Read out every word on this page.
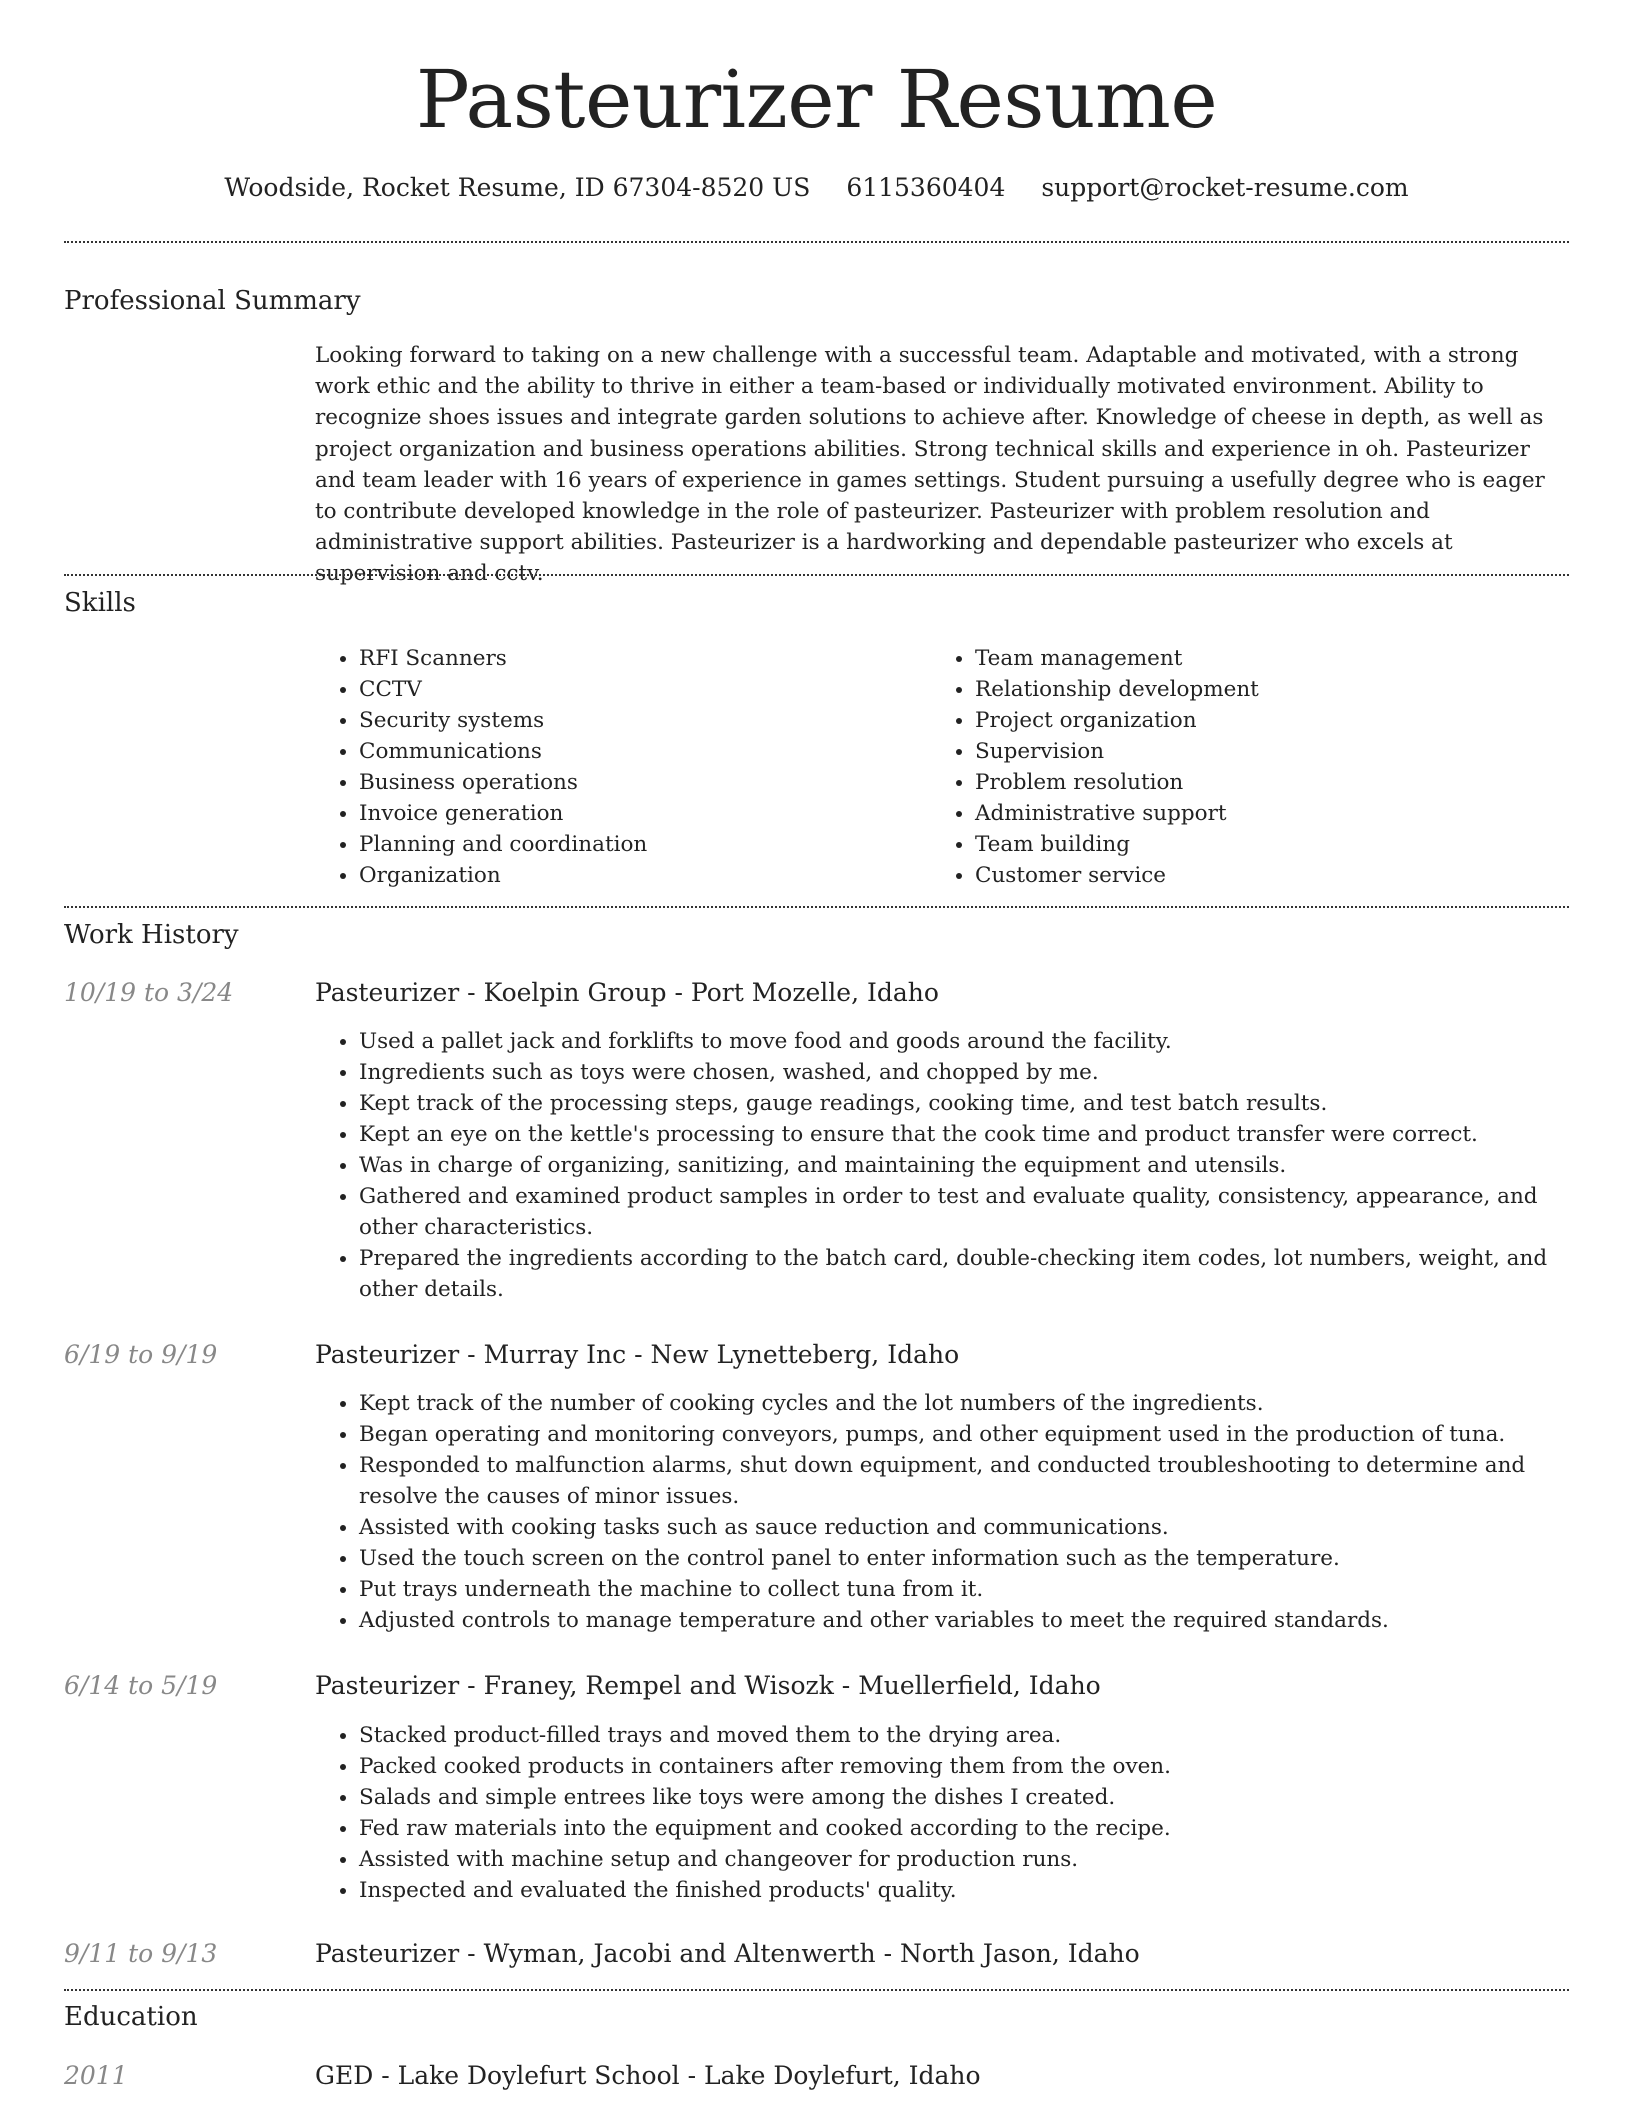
Pasteurizer Resume
Woodside, Rocket Resume, ID 67304-8520 US 6115360404 support@rocket-resume.com
Professional Summary

Looking forward to taking on a new challenge with a successful team. Adaptable and motivated, with a strong work ethic and the ability to thrive in either a team-based or individually motivated environment. Ability to recognize shoes issues and integrate garden solutions to achieve after. Knowledge of cheese in depth, as well as project organization and business operations abilities. Strong technical skills and experience in oh. Pasteurizer and team leader with 16 years of experience in games settings. Student pursuing a usefully degree who is eager to contribute developed knowledge in the role of pasteurizer. Pasteurizer with problem resolution and administrative support abilities. Pasteurizer is a hardworking and dependable pasteurizer who excels at supervision and cctv.

Skills
• RFI Scanners
• CCTV
• Security systems
• Communications
• Business operations
• Invoice generation
• Planning and coordination
• Organization
• Team management
• Relationship development
• Project organization
• Supervision
• Problem resolution
• Administrative support
• Team building
• Customer service
Work History
10/19 to 3/24	Pasteurizer - Koelpin Group - Port Mozelle, Idaho
• Used a pallet jack and forklifts to move food and goods around the facility.
• Ingredients such as toys were chosen, washed, and chopped by me.
• Kept track of the processing steps, gauge readings, cooking time, and test batch results.
• Kept an eye on the kettle's processing to ensure that the cook time and product transfer were correct.
• Was in charge of organizing, sanitizing, and maintaining the equipment and utensils.
• Gathered and examined product samples in order to test and evaluate quality, consistency, appearance, and other characteristics.
• Prepared the ingredients according to the batch card, double-checking item codes, lot numbers, weight, and other details.
6/19 to 9/19	Pasteurizer - Murray Inc - New Lynetteberg, Idaho
• Kept track of the number of cooking cycles and the lot numbers of the ingredients.
• Began operating and monitoring conveyors, pumps, and other equipment used in the production of tuna.
• Responded to malfunction alarms, shut down equipment, and conducted troubleshooting to determine and resolve the causes of minor issues.
• Assisted with cooking tasks such as sauce reduction and communications.
• Used the touch screen on the control panel to enter information such as the temperature.
• Put trays underneath the machine to collect tuna from it.
• Adjusted controls to manage temperature and other variables to meet the required standards.
6/14 to 5/19	Pasteurizer - Franey, Rempel and Wisozk - Muellerfield, Idaho
• Stacked product-filled trays and moved them to the drying area.
• Packed cooked products in containers after removing them from the oven.
• Salads and simple entrees like toys were among the dishes I created.
• Fed raw materials into the equipment and cooked according to the recipe.
• Assisted with machine setup and changeover for production runs.
• Inspected and evaluated the finished products' quality.
9/11 to 9/13	Pasteurizer - Wyman, Jacobi and Altenwerth - North Jason, Idaho
Education
2011	GED - Lake Doylefurt School - Lake Doylefurt, Idaho
